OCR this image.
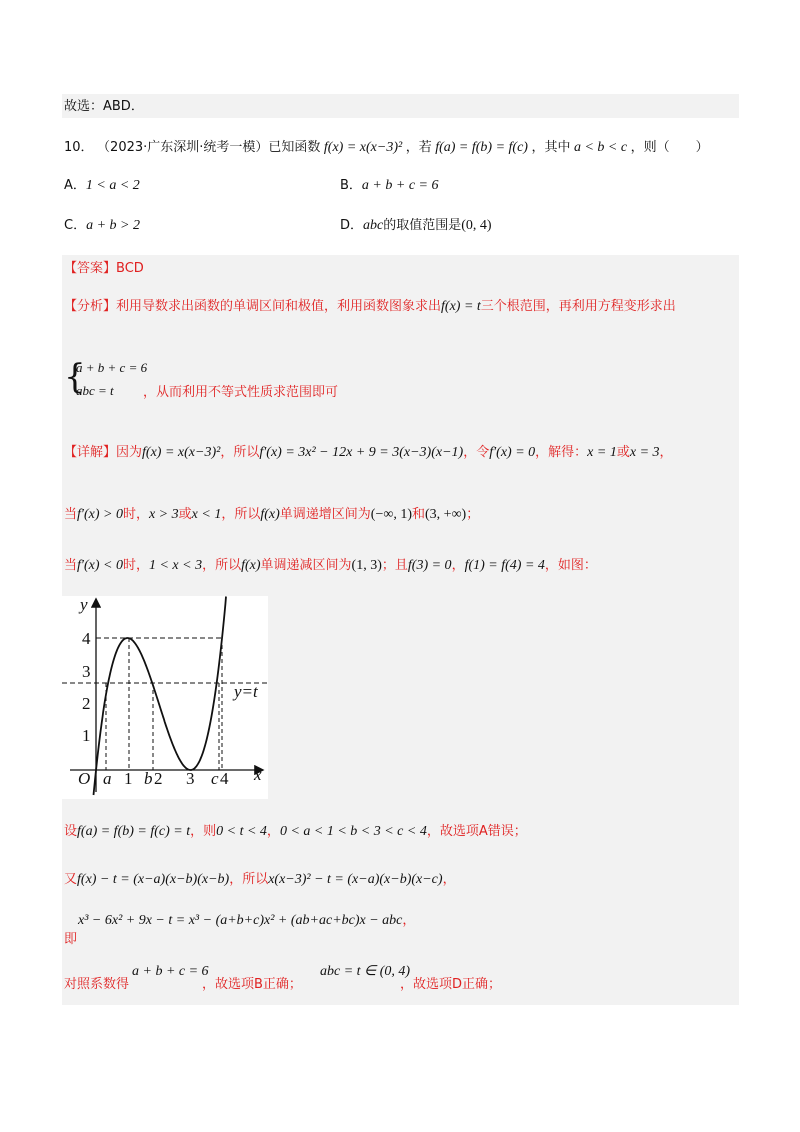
故选：ABD．
10． （2023·广东深圳·统考一模）已知函数 f(x) = x(x−3)² ，若 f(a) = f(b) = f(c) ，其中 a < b < c ，则（　　）
A．1 < a < 2	B．a + b + c = 6
C．a + b > 2	D．abc的取值范围是(0, 4)
【答案】BCD
【分析】利用导数求出函数的单调区间和极值，利用函数图象求出f(x) = t三个根范围，再利用方程变形求出
{
a + b + c = 6
abc = t ，从而利用不等式性质求范围即可
【详解】因为f(x) = x(x−3)²，所以f′(x) = 3x² − 12x + 9 = 3(x−3)(x−1)，令f′(x) = 0，解得：x = 1或x = 3，
当f′(x) > 0时，x > 3或x < 1，所以f(x)单调递增区间为(−∞, 1)和(3, +∞)；
当f′(x) < 0时，1 < x < 3，所以f(x)单调递减区间为(1, 3)；且f(3) = 0，f(1) = f(4) = 4，如图：
y
x
O
4
3
2
1
a 1 b 2 3 c 4
y=t
设f(a) = f(b) = f(c) = t，则0 < t < 4，0 < a < 1 < b < 3 < c < 4，故选项A错误；
又f(x) − t = (x−a)(x−b)(x−b)，所以x(x−3)² − t = (x−a)(x−b)(x−c)，
x³ − 6x² + 9x − t = x³ − (a+b+c)x² + (ab+ac+bc)x − abc，
即
对照系数得
a + b + c = 6
，故选项B正确；
abc = t ∈ (0, 4)
，故选项D正确；
